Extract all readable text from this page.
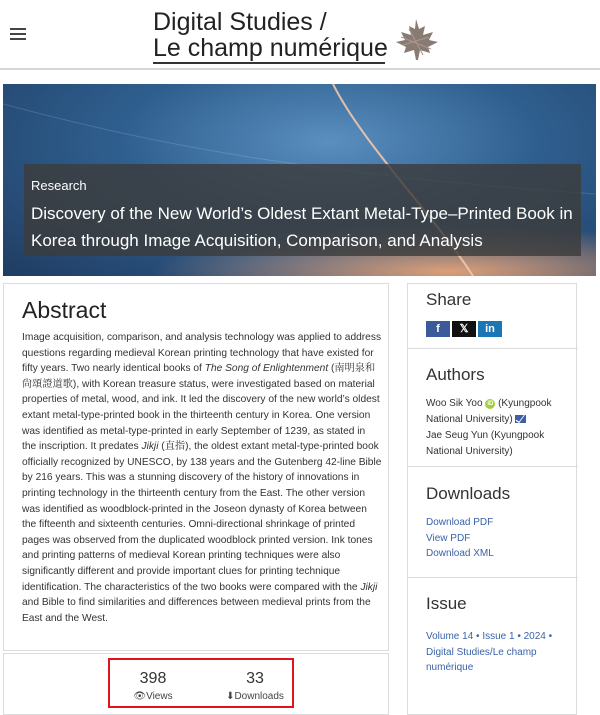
Digital Studies /
Le champ numérique
Research
Discovery of the New World’s Oldest Extant Metal-Type–Printed Book in Korea through Image Acquisition, Comparison, and Analysis
Abstract
Image acquisition, comparison, and analysis technology was applied to address questions regarding medieval Korean printing technology that have existed for fifty years. Two nearly identical books of The Song of Enlightenment (南明泉和尙頌證道歌), with Korean treasure status, were investigated based on material properties of metal, wood, and ink. It led the discovery of the new world’s oldest extant metal-type-printed book in the thirteenth century in Korea. One version was identified as metal-type-printed in early September of 1239, as stated in the inscription. It predates Jikji (直指), the oldest extant metal-type-printed book officially recognized by UNESCO, by 138 years and the Gutenberg 42-line Bible by 216 years. This was a stunning discovery of the history of innovations in printing technology in the thirteenth century from the East. The other version was identified as woodblock-printed in the Joseon dynasty of Korea between the fifteenth and sixteenth centuries. Omni-directional shrinkage of printed pages was observed from the duplicated woodblock printed version. Ink tones and printing patterns of medieval Korean printing techniques were also significantly different and provide important clues for printing technique identification. The characteristics of the two books were compared with the Jikji and Bible to find similarities and differences between medieval prints from the East and the West.
398
👁Views
33
⬇Downloads
Share
f 𝕏 in
Authors
Woo Sik Yoo iD (Kyungpook National University)
Jae Seug Yun (Kyungpook National University)
Downloads
Download PDF
View PDF
Download XML
Issue
Volume 14 • Issue 1 • 2024 • Digital Studies/Le champ numérique
